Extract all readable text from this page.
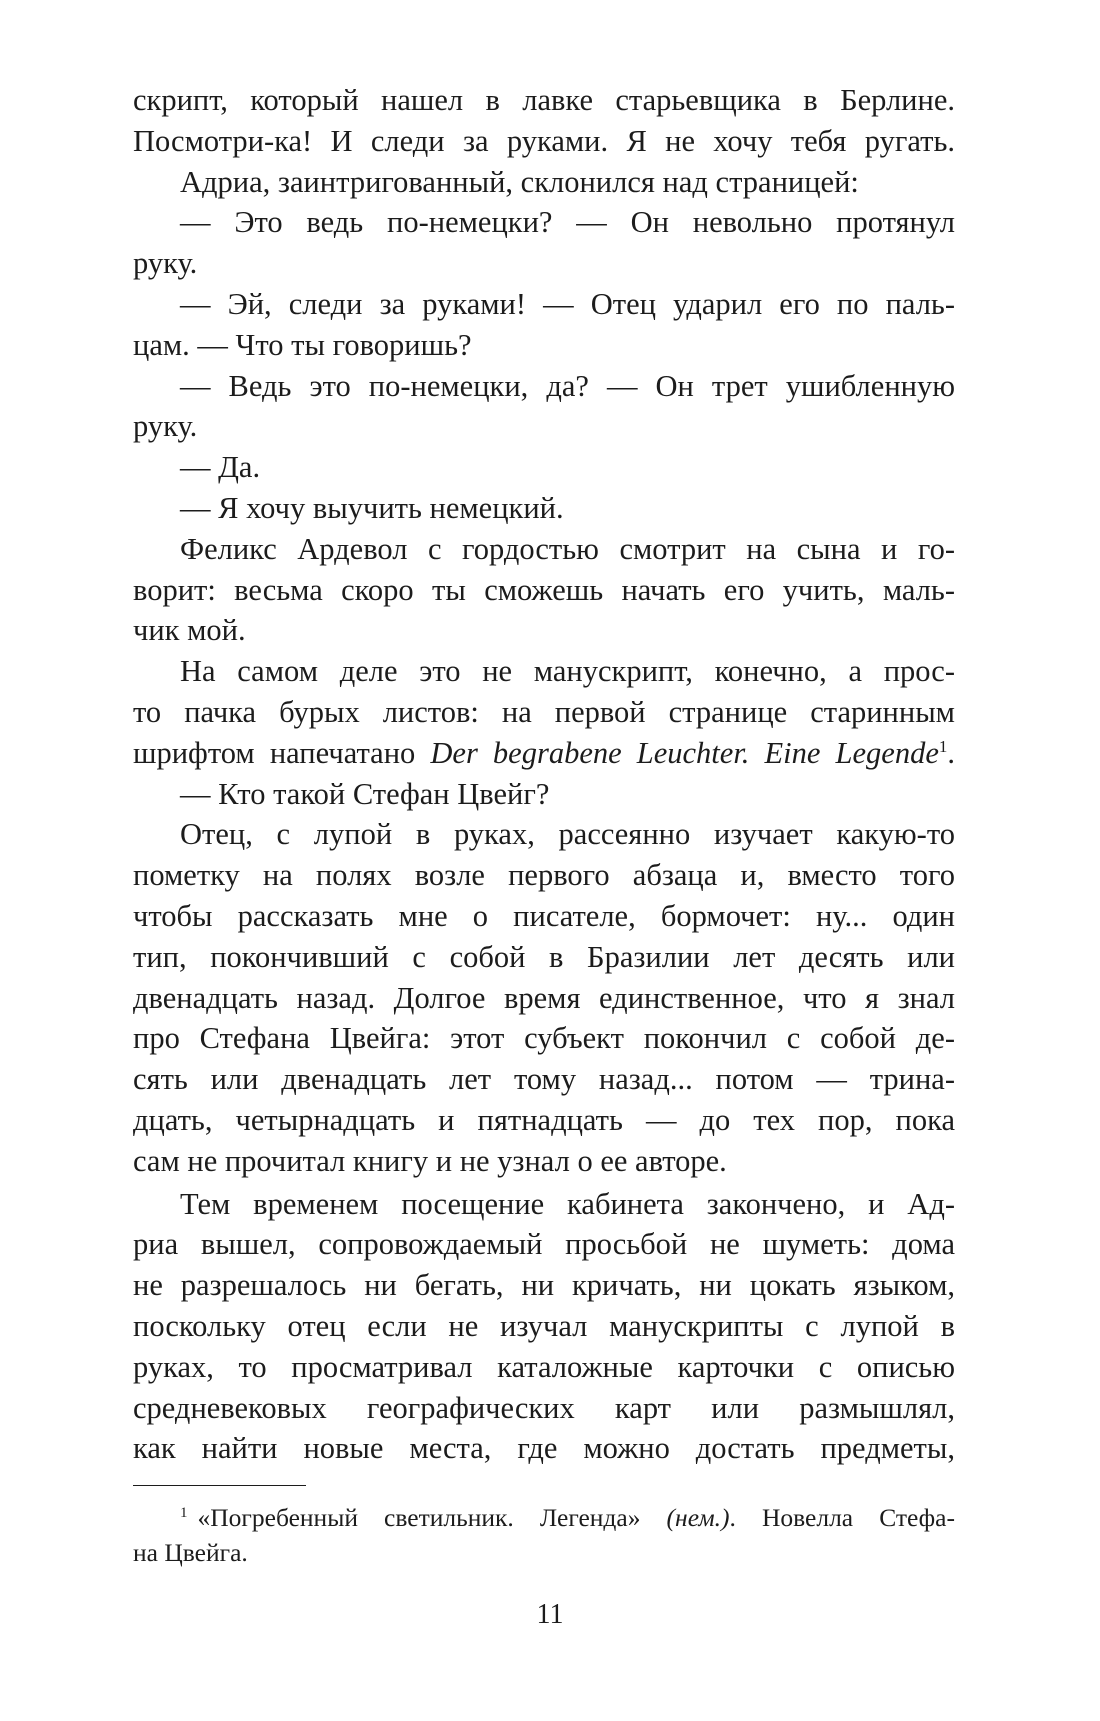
скрипт, который нашел в лавке старьевщика в Берлине.
Посмотри-ка! И следи за руками. Я не хочу тебя ругать.
Адриа, заинтригованный, склонился над страницей:
— Это ведь по-немецки? — Он невольно протянул
руку.
— Эй, следи за руками! — Отец ударил его по паль-
цам. — Что ты говоришь?
— Ведь это по-немецки, да? — Он трет ушибленную
руку.
— Да.
— Я хочу выучить немецкий.
Феликс Ардевол с гордостью смотрит на сына и го-
ворит: весьма скоро ты сможешь начать его учить, маль-
чик мой.
На самом деле это не манускрипт, конечно, а прос-
то пачка бурых листов: на первой странице старинным
шрифтом напечатано Der begrabene Leuchter. Eine Legende$^1$.
— Кто такой Стефан Цвейг?
Отец, с лупой в руках, рассеянно изучает какую-то
пометку на полях возле первого абзаца и, вместо того
чтобы рассказать мне о писателе, бормочет: ну... один
тип, покончивший с собой в Бразилии лет десять или
двенадцать назад. Долгое время единственное, что я знал
про Стефана Цвейга: этот субъект покончил с собой де-
сять или двенадцать лет тому назад... потом — трина-
дцать, четырнадцать и пятнадцать — до тех пор, пока
сам не прочитал книгу и не узнал о ее авторе.
Тем временем посещение кабинета закончено, и Ад-
риа вышел, сопровождаемый просьбой не шуметь: дома
не разрешалось ни бегать, ни кричать, ни цокать языком,
поскольку отец если не изучал манускрипты с лупой в
руках, то просматривал каталожные карточки с описью
средневековых географических карт или размышлял,
как найти новые места, где можно достать предметы,
$^1$ «Погребенный светильник. Легенда» (нем.). Новелла Стефа-
на Цвейга.
11
